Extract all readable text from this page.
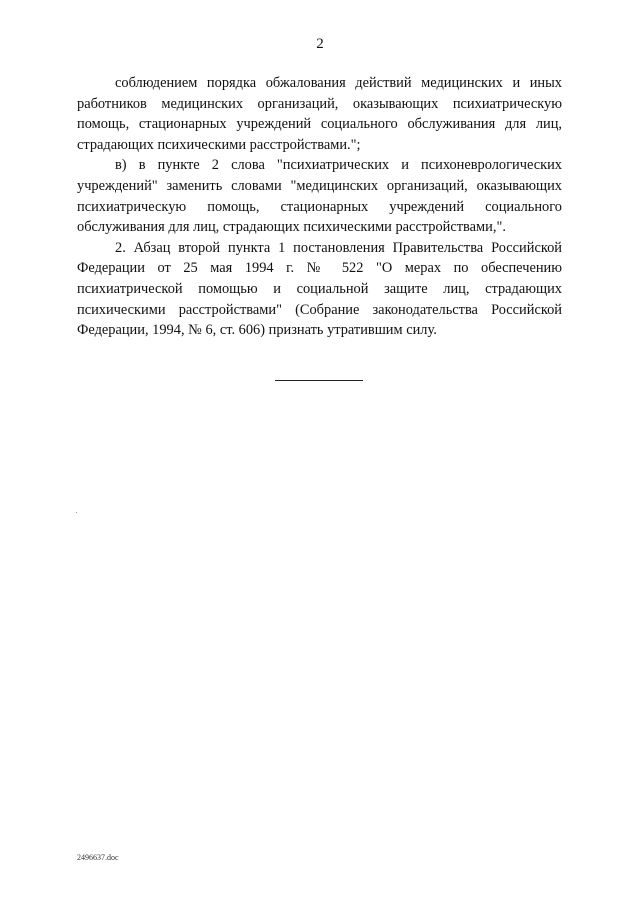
2

соблюдением порядка обжалования действий медицинских и иных работников медицинских организаций, оказывающих психиатрическую помощь, стационарных учреждений социального обслуживания для лиц, страдающих психическими расстройствами.";

в) в пункте 2 слова "психиатрических и психоневрологических учреждений" заменить словами "медицинских организаций, оказывающих психиатрическую помощь, стационарных учреждений социального обслуживания для лиц, страдающих психическими расстройствами,".

2. Абзац второй пункта 1 постановления Правительства Российской Федерации от 25 мая 1994 г. № 522 "О мерах по обеспечению психиатрической помощью и социальной защите лиц, страдающих психическими расстройствами" (Собрание законодательства Российской Федерации, 1994, № 6, ст. 606) признать утратившим силу.

2496637.doc
